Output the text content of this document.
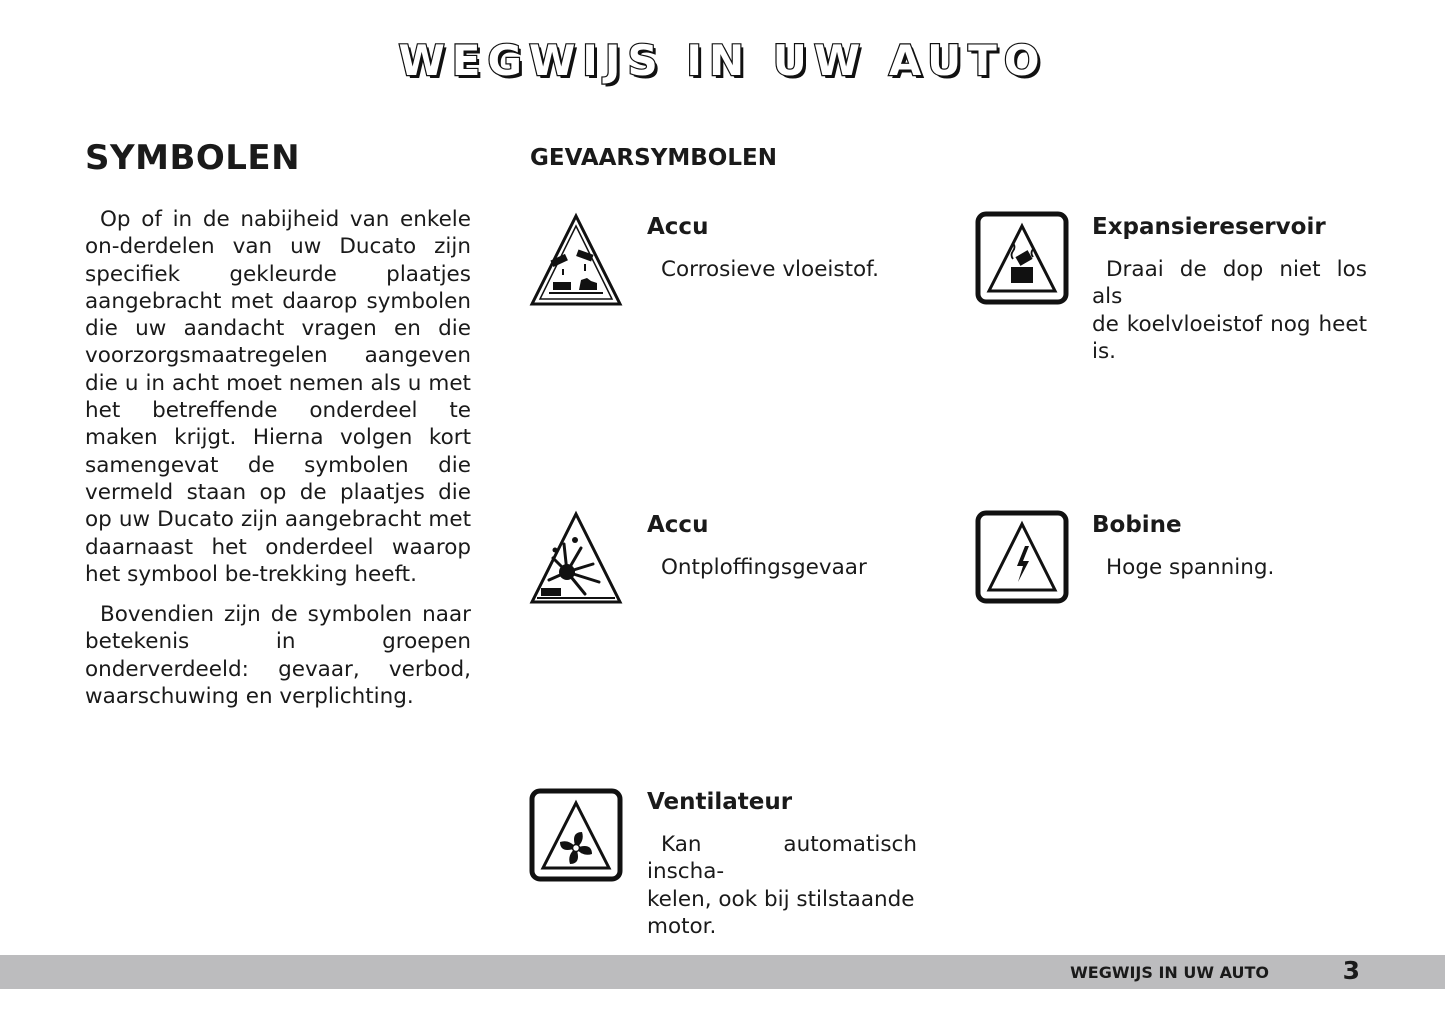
WEGWIJS IN UW AUTO
SYMBOLEN

Op of in de nabijheid van enkele on-derdelen van uw Ducato zijn specifiek gekleurde plaatjes aangebracht met daarop symbolen die uw aandacht vragen en die voorzorgsmaatregelen aangeven die u in acht moet nemen als u met het betreffende onderdeel te maken krijgt. Hierna volgen kort samengevat de symbolen die vermeld staan op de plaatjes die op uw Ducato zijn aangebracht met daarnaast het onderdeel waarop het symbool be-trekking heeft.

Bovendien zijn de symbolen naar betekenis in groepen onderverdeeld: gevaar, verbod, waarschuwing en verplichting.

GEVAARSYMBOLEN
Accu

Corrosieve vloeistof.

Expansiereservoir

Draai de dop niet los als
de koelvloeistof nog heet is.

Accu

Ontploffingsgevaar

Bobine

Hoge spanning.

Ventilateur

Kan automatisch inscha-
kelen, ook bij stilstaande
motor.

WEGWIJS IN UW AUTO	3
